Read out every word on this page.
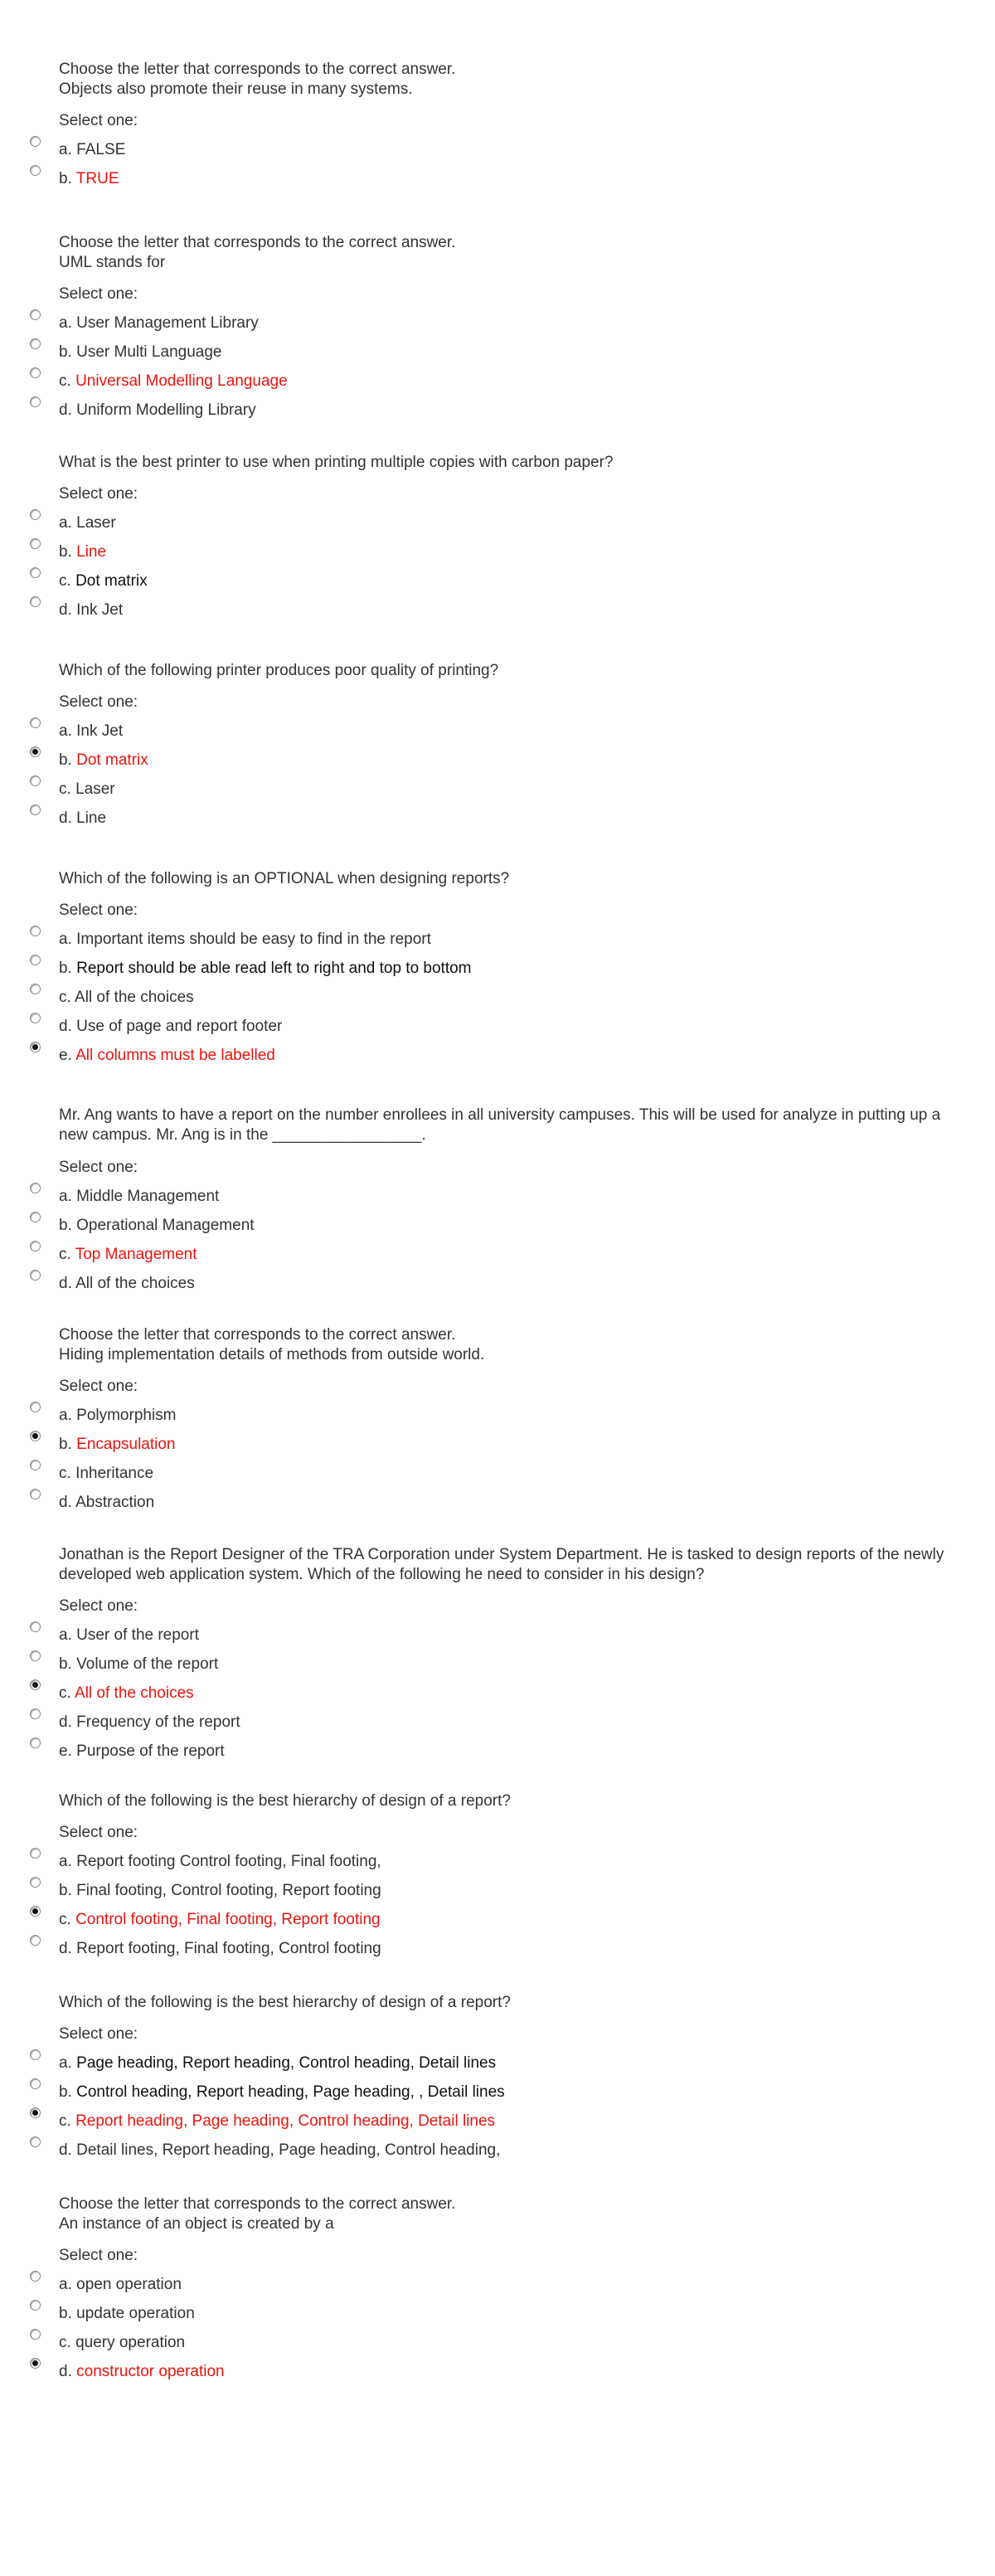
Choose the letter that corresponds to the correct answer.
Objects also promote their reuse in many systems.

Select one:
a. FALSE
b. TRUE

Choose the letter that corresponds to the correct answer.
UML stands for

Select one:
a. User Management Library
b. User Multi Language
c. Universal Modelling Language
d. Uniform Modelling Library

What is the best printer to use when printing multiple copies with carbon paper?

Select one:
a. Laser
b. Line
c. Dot matrix
d. Ink Jet

Which of the following printer produces poor quality of printing?

Select one:
a. Ink Jet
b. Dot matrix
c. Laser
d. Line

Which of the following is an OPTIONAL when designing reports?

Select one:
a. Important items should be easy to find in the report
b. Report should be able read left to right and top to bottom
c. All of the choices
d. Use of page and report footer
e. All columns must be labelled

Mr. Ang wants to have a report on the number enrollees in all university campuses. This will be used for analyze in putting up a new campus. Mr. Ang is in the _________________.

Select one:
a. Middle Management
b. Operational Management
c. Top Management
d. All of the choices

Choose the letter that corresponds to the correct answer.
Hiding implementation details of methods from outside world.

Select one:
a. Polymorphism
b. Encapsulation
c. Inheritance
d. Abstraction

Jonathan is the Report Designer of the TRA Corporation under System Department. He is tasked to design reports of the newly developed web application system. Which of the following he need to consider in his design?

Select one:
a. User of the report
b. Volume of the report
c. All of the choices
d. Frequency of the report
e. Purpose of the report

Which of the following is the best hierarchy of design of a report?

Select one:
a. Report footing Control footing, Final footing,
b. Final footing, Control footing, Report footing
c. Control footing, Final footing, Report footing
d. Report footing, Final footing, Control footing

Which of the following is the best hierarchy of design of a report?

Select one:
a. Page heading, Report heading, Control heading, Detail lines
b. Control heading, Report heading, Page heading, , Detail lines
c. Report heading, Page heading, Control heading, Detail lines
d. Detail lines, Report heading, Page heading, Control heading,

Choose the letter that corresponds to the correct answer.
An instance of an object is created by a

Select one:
a. open operation
b. update operation
c. query operation
d. constructor operation
